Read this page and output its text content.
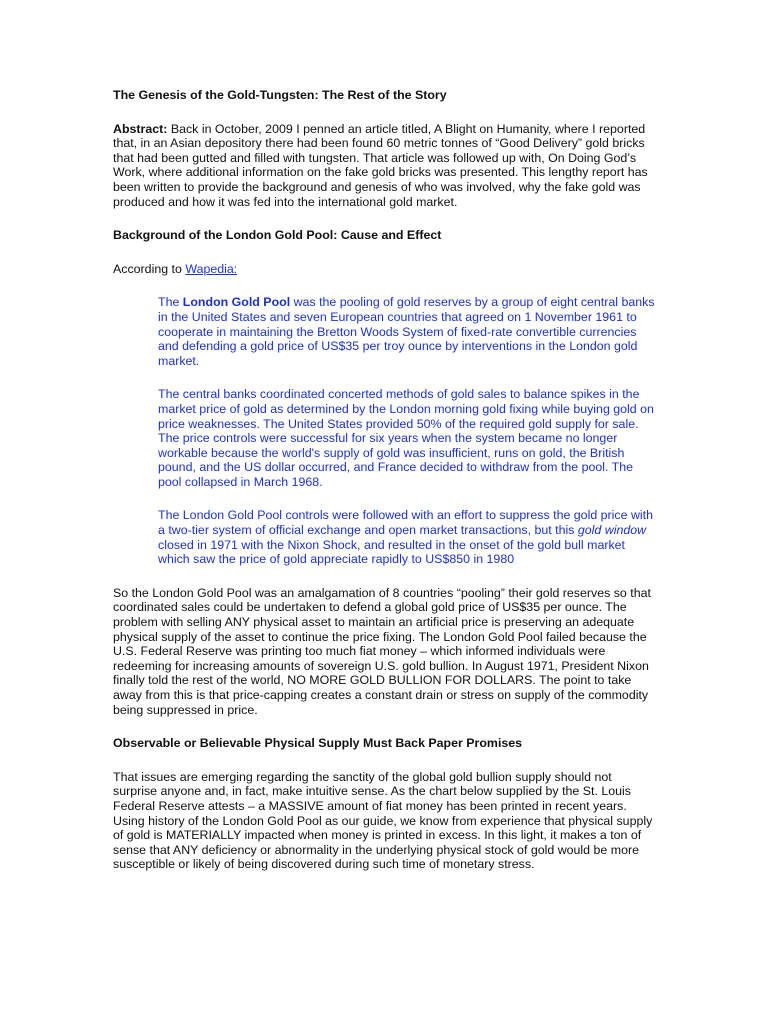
The Genesis of the Gold-Tungsten: The Rest of the Story
Abstract: Back in October, 2009 I penned an article titled, A Blight on Humanity, where I reported that, in an Asian depository there had been found 60 metric tonnes of “Good Delivery” gold bricks that had been gutted and filled with tungsten. That article was followed up with, On Doing God’s Work, where additional information on the fake gold bricks was presented. This lengthy report has been written to provide the background and genesis of who was involved, why the fake gold was produced and how it was fed into the international gold market.
Background of the London Gold Pool: Cause and Effect
According to Wapedia:
The London Gold Pool was the pooling of gold reserves by a group of eight central banks in the United States and seven European countries that agreed on 1 November 1961 to cooperate in maintaining the Bretton Woods System of fixed-rate convertible currencies and defending a gold price of US$35 per troy ounce by interventions in the London gold market.
The central banks coordinated concerted methods of gold sales to balance spikes in the market price of gold as determined by the London morning gold fixing while buying gold on price weaknesses. The United States provided 50% of the required gold supply for sale. The price controls were successful for six years when the system became no longer workable because the world's supply of gold was insufficient, runs on gold, the British pound, and the US dollar occurred, and France decided to withdraw from the pool. The pool collapsed in March 1968.
The London Gold Pool controls were followed with an effort to suppress the gold price with a two-tier system of official exchange and open market transactions, but this gold window closed in 1971 with the Nixon Shock, and resulted in the onset of the gold bull market which saw the price of gold appreciate rapidly to US$850 in 1980
So the London Gold Pool was an amalgamation of 8 countries “pooling” their gold reserves so that coordinated sales could be undertaken to defend a global gold price of US$35 per ounce. The problem with selling ANY physical asset to maintain an artificial price is preserving an adequate physical supply of the asset to continue the price fixing. The London Gold Pool failed because the U.S. Federal Reserve was printing too much fiat money – which informed individuals were redeeming for increasing amounts of sovereign U.S. gold bullion. In August 1971, President Nixon finally told the rest of the world, NO MORE GOLD BULLION FOR DOLLARS. The point to take away from this is that price-capping creates a constant drain or stress on supply of the commodity being suppressed in price.
Observable or Believable Physical Supply Must Back Paper Promises
That issues are emerging regarding the sanctity of the global gold bullion supply should not surprise anyone and, in fact, make intuitive sense. As the chart below supplied by the St. Louis Federal Reserve attests – a MASSIVE amount of fiat money has been printed in recent years. Using history of the London Gold Pool as our guide, we know from experience that physical supply of gold is MATERIALLY impacted when money is printed in excess. In this light, it makes a ton of sense that ANY deficiency or abnormality in the underlying physical stock of gold would be more susceptible or likely of being discovered during such time of monetary stress.
